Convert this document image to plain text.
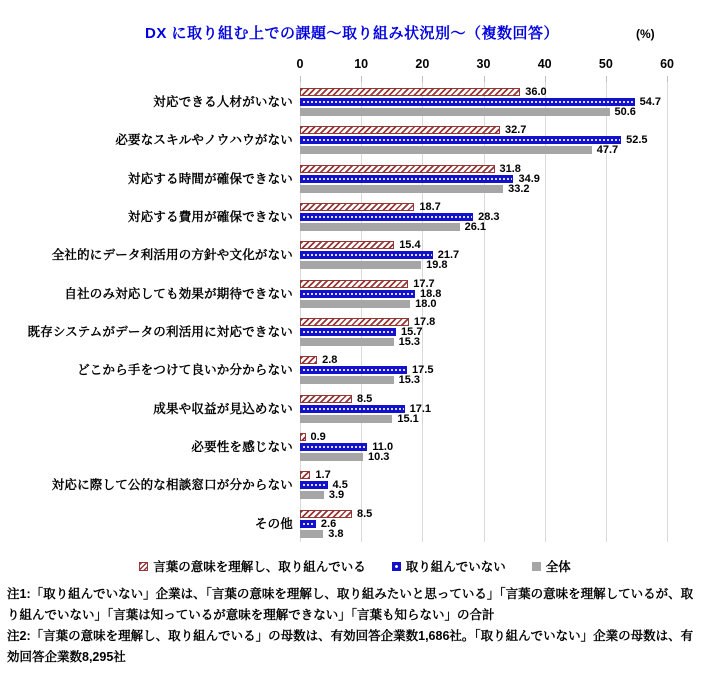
DX に取り組む上での課題～取り組み状況別～（複数回答）	(%)
0	10	20	30	40	50	60
対応できる人材がいない
36.0
54.7
50.6
必要なスキルやノウハウがない
32.7
52.5
47.7
対応する時間が確保できない
31.8
34.9
33.2
対応する費用が確保できない
18.7
28.3
26.1
全社的にデータ利活用の方針や文化がない
15.4
21.7
19.8
自社のみ対応しても効果が期待できない
17.7
18.8
18.0
既存システムがデータの利活用に対応できない
17.8
15.7
15.3
どこから手をつけて良いか分からない
2.8
17.5
15.3
成果や収益が見込めない
8.5
17.1
15.1
必要性を感じない
0.9
11.0
10.3
対応に際して公的な相談窓口が分からない
1.7
4.5
3.9
その他
8.5
2.6
3.8
言葉の意味を理解し、取り組んでいる	取り組んでいない	全体

注1:「取り組んでいない」企業は、「言葉の意味を理解し、取り組みたいと思っている」「言葉の意味を理解しているが、取り組んでいない」「言葉は知っているが意味を理解できない」「言葉も知らない」の合計

注2:「言葉の意味を理解し、取り組んでいる」の母数は、有効回答企業数1,686社。「取り組んでいない」企業の母数は、有効回答企業数8,295社
